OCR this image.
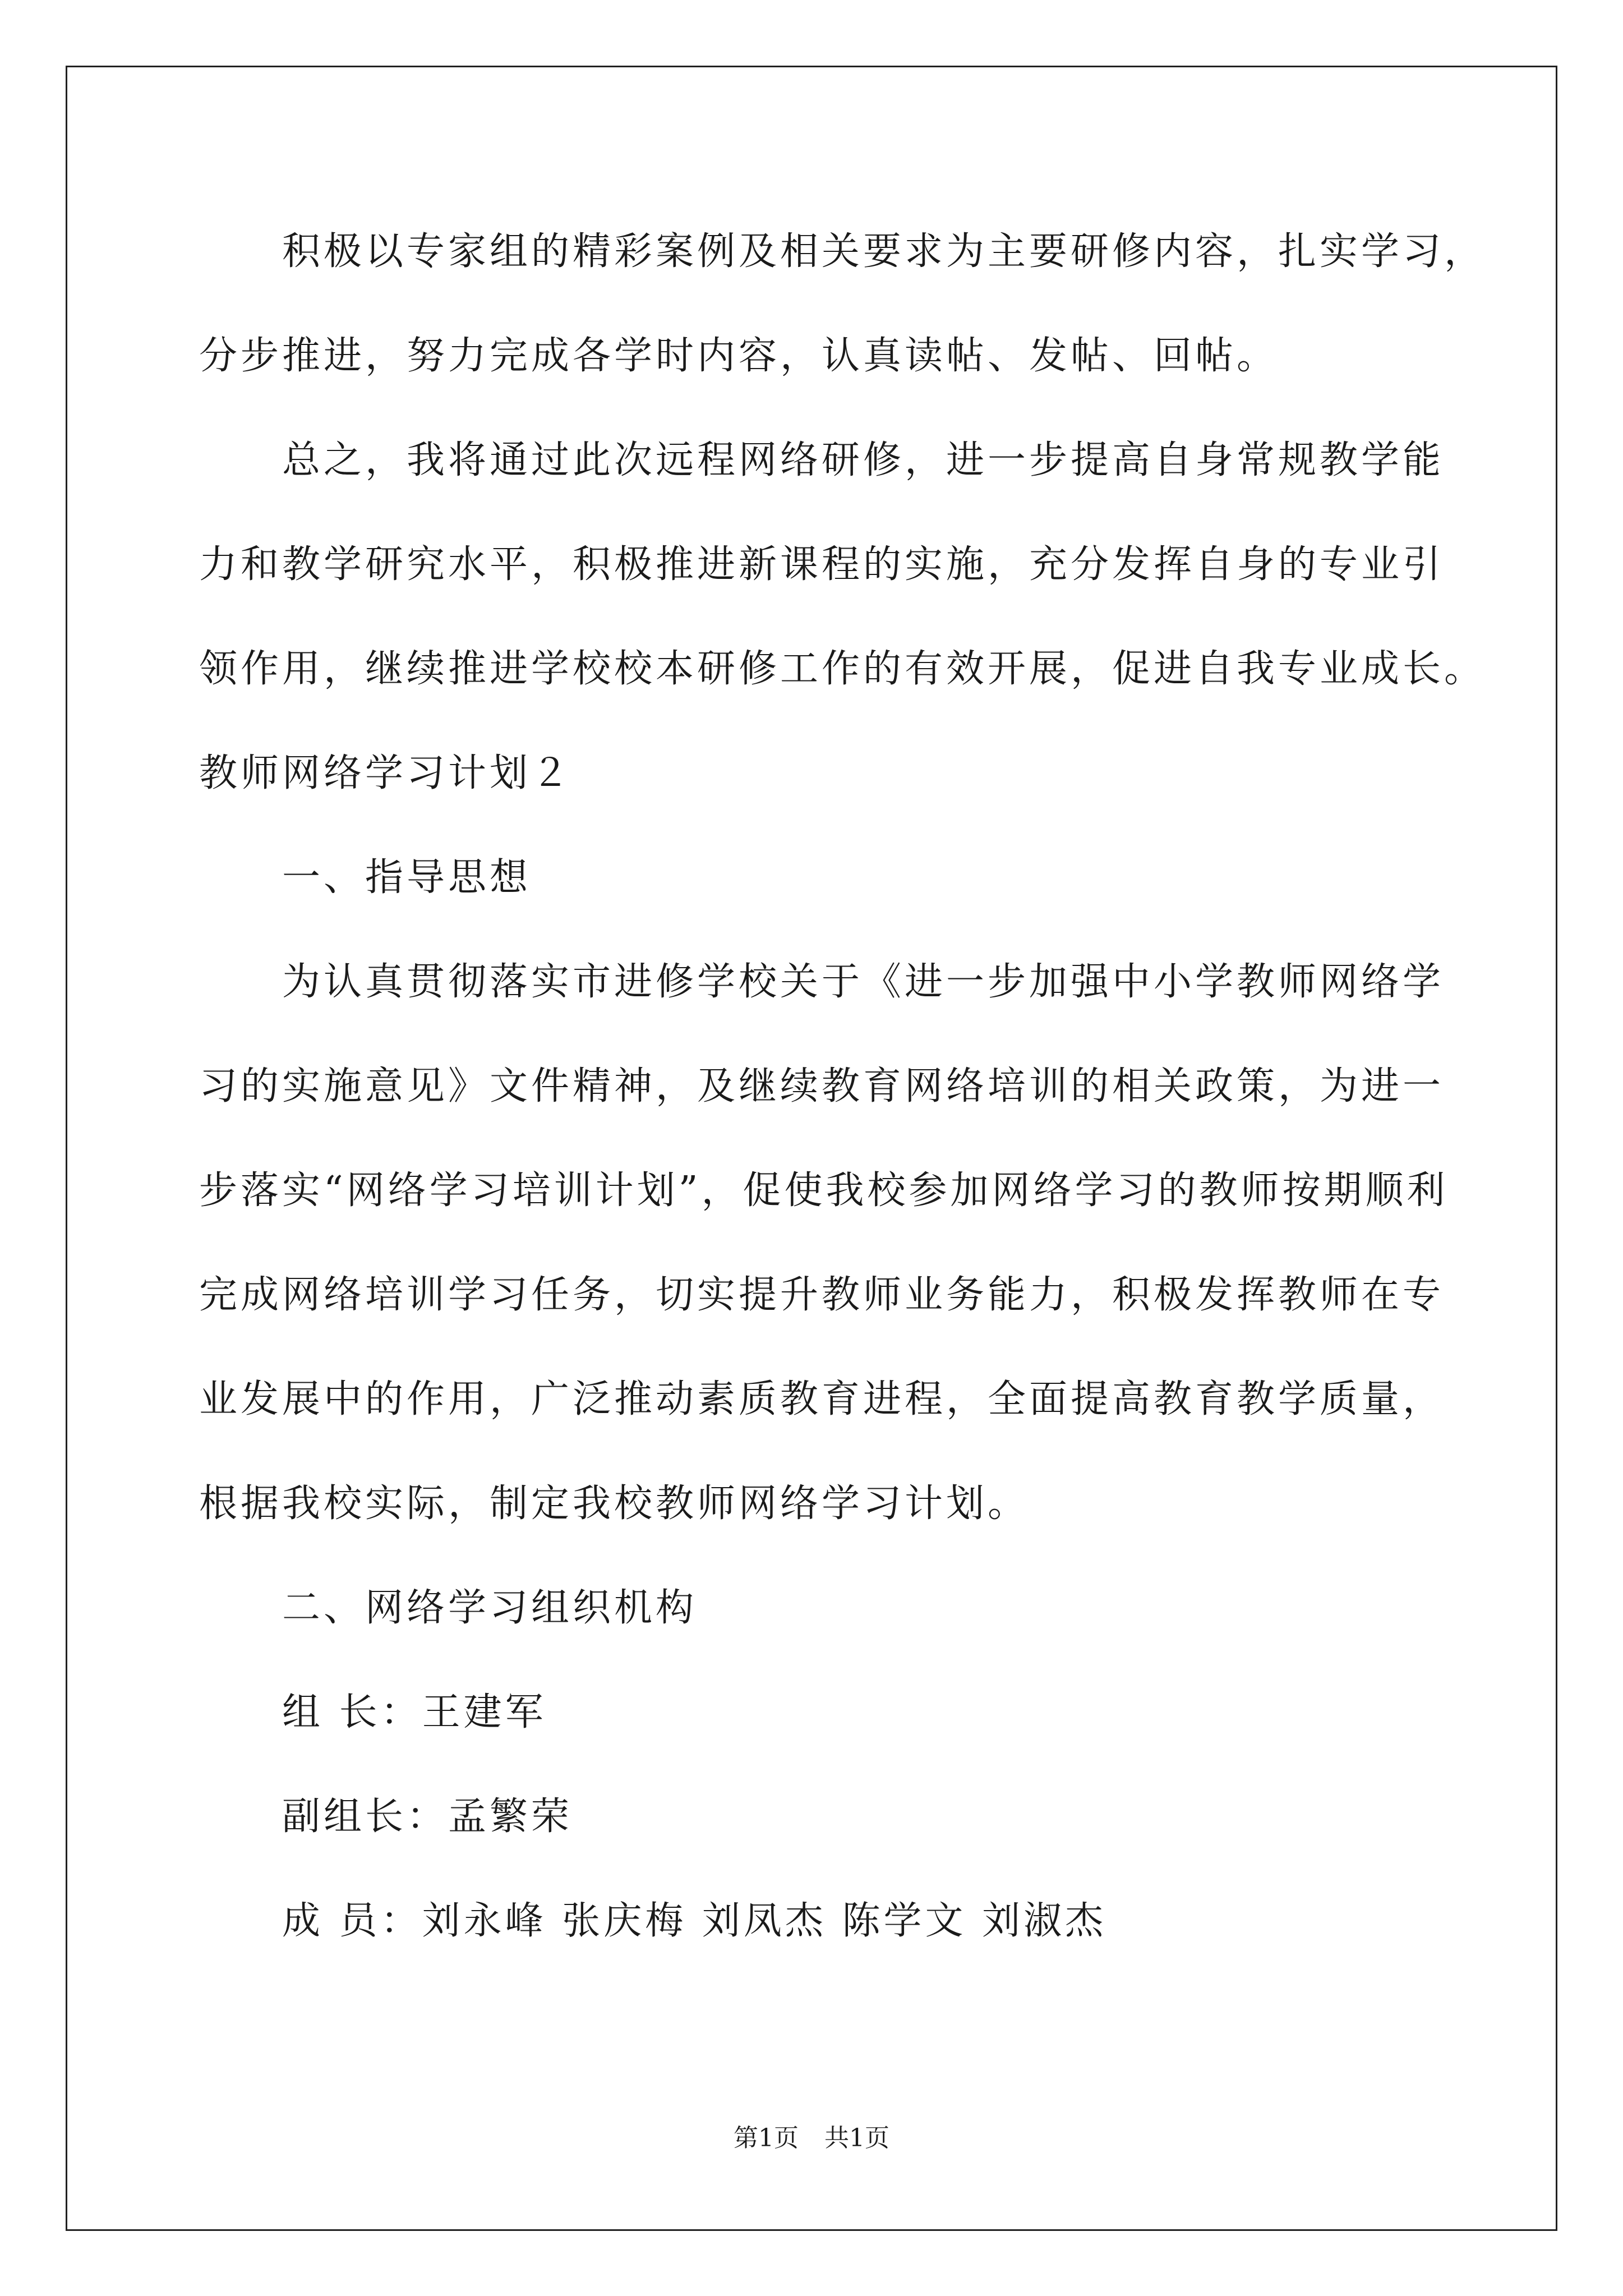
积极以专家组的精彩案例及相关要求为主要研修内容，扎实学习，
分步推进，努力完成各学时内容，认真读帖、发帖、回帖。
总之，我将通过此次远程网络研修，进一步提高自身常规教学能
力和教学研究水平，积极推进新课程的实施，充分发挥自身的专业引
领作用，继续推进学校校本研修工作的有效开展，促进自我专业成长。
教师网络学习计划２
一、指导思想
为认真贯彻落实市进修学校关于《进一步加强中小学教师网络学
习的实施意见》文件精神，及继续教育网络培训的相关政策，为进一
步落实“网络学习培训计划”，促使我校参加网络学习的教师按期顺利
完成网络培训学习任务，切实提升教师业务能力，积极发挥教师在专
业发展中的作用，广泛推动素质教育进程，全面提高教育教学质量，
根据我校实际，制定我校教师网络学习计划。
二、网络学习组织机构
组 长：王建军
副组长：孟繁荣
成 员：刘永峰 张庆梅 刘凤杰 陈学文 刘淑杰
第1页 共1页
